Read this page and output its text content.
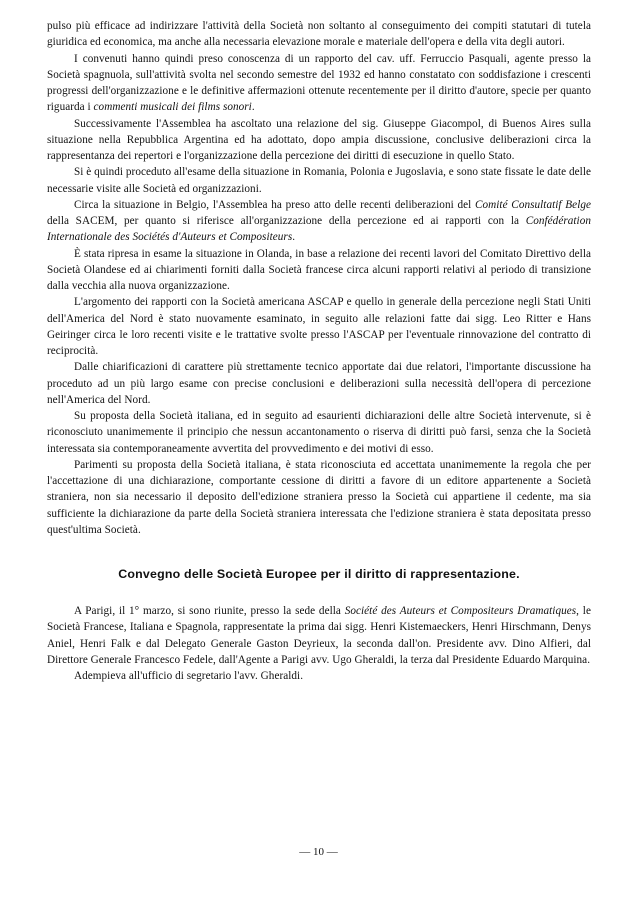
pulso più efficace ad indirizzare l'attività della Società non soltanto al conseguimento dei compiti statutari di tutela giuridica ed economica, ma anche alla necessaria elevazione morale e materiale dell'opera e della vita degli autori.

I convenuti hanno quindi preso conoscenza di un rapporto del cav. uff. Ferruccio Pasquali, agente presso la Società spagnuola, sull'attività svolta nel secondo semestre del 1932 ed hanno constatato con soddisfazione i crescenti progressi dell'organizzazione e le definitive affermazioni ottenute recentemente per il diritto d'autore, specie per quanto riguarda i commenti musicali dei films sonori.

Successivamente l'Assemblea ha ascoltato una relazione del sig. Giuseppe Giacompol, di Buenos Aires sulla situazione nella Repubblica Argentina ed ha adottato, dopo ampia discussione, conclusive deliberazioni circa la rappresentanza dei repertori e l'organizzazione della percezione dei diritti di esecuzione in quello Stato.

Si è quindi proceduto all'esame della situazione in Romania, Polonia e Jugoslavia, e sono state fissate le date delle necessarie visite alle Società ed organizzazioni.

Circa la situazione in Belgio, l'Assemblea ha preso atto delle recenti deliberazioni del Comité Consultatif Belge della SACEM, per quanto si riferisce all'organizzazione della percezione ed ai rapporti con la Confédération Internationale des Sociétés d'Auteurs et Compositeurs.

È stata ripresa in esame la situazione in Olanda, in base a relazione dei recenti lavori del Comitato Direttivo della Società Olandese ed ai chiarimenti forniti dalla Società francese circa alcuni rapporti relativi al periodo di transizione dalla vecchia alla nuova organizzazione.

L'argomento dei rapporti con la Società americana ASCAP e quello in generale della percezione negli Stati Uniti dell'America del Nord è stato nuovamente esaminato, in seguito alle relazioni fatte dai sigg. Leo Ritter e Hans Geiringer circa le loro recenti visite e le trattative svolte presso l'ASCAP per l'eventuale rinnovazione del contratto di reciprocità.

Dalle chiarificazioni di carattere più strettamente tecnico apportate dai due relatori, l'importante discussione ha proceduto ad un più largo esame con precise conclusioni e deliberazioni sulla necessità dell'opera di percezione nell'America del Nord.

Su proposta della Società italiana, ed in seguito ad esaurienti dichiarazioni delle altre Società intervenute, si è riconosciuto unanimemente il principio che nessun accantonamento o riserva di diritti può farsi, senza che la Società interessata sia contemporaneamente avvertita del provvedimento e dei motivi di esso.

Parimenti su proposta della Società italiana, è stata riconosciuta ed accettata unanimemente la regola che per l'accettazione di una dichiarazione, comportante cessione di diritti a favore di un editore appartenente a Società straniera, non sia necessario il deposito dell'edizione straniera presso la Società cui appartiene il cedente, ma sia sufficiente la dichiarazione da parte della Società straniera interessata che l'edizione straniera è stata depositata presso quest'ultima Società.

Convegno delle Società Europee per il diritto di rappresentazione.

A Parigi, il 1° marzo, si sono riunite, presso la sede della Société des Auteurs et Compositeurs Dramatiques, le Società Francese, Italiana e Spagnola, rappresentate la prima dai sigg. Henri Kistemaeckers, Henri Hirschmann, Denys Aniel, Henri Falk e dal Delegato Generale Gaston Deyrieux, la seconda dall'on. Presidente avv. Dino Alfieri, dal Direttore Generale Francesco Fedele, dall'Agente a Parigi avv. Ugo Gheraldi, la terza dal Presidente Eduardo Marquina.

Adempieva all'ufficio di segretario l'avv. Gheraldi.

— 10 —
